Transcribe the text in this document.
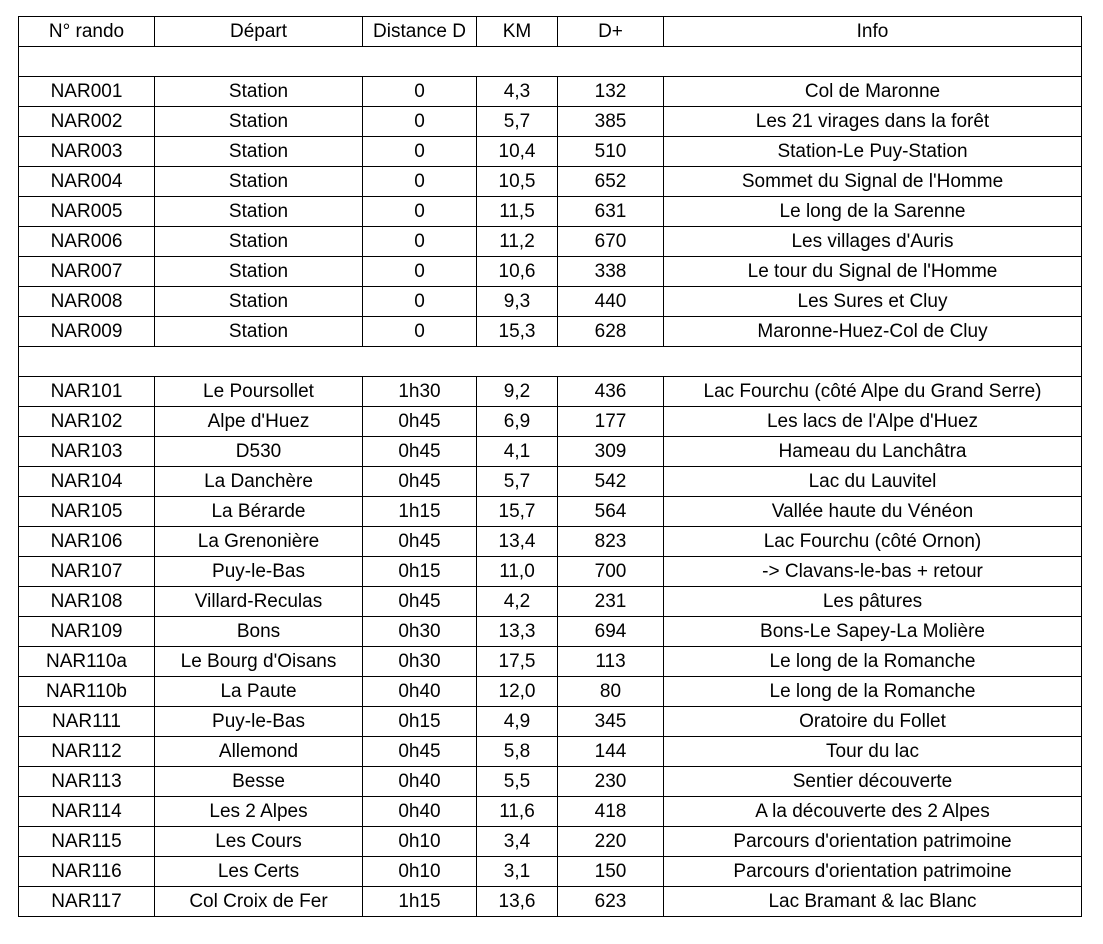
N° rando	Départ	Distance D	KM	D+	Info

NAR001	Station	0	4,3	132	Col de Maronne
NAR002	Station	0	5,7	385	Les 21 virages dans la forêt
NAR003	Station	0	10,4	510	Station-Le Puy-Station
NAR004	Station	0	10,5	652	Sommet du Signal de l'Homme
NAR005	Station	0	11,5	631	Le long de la Sarenne
NAR006	Station	0	11,2	670	Les villages d'Auris
NAR007	Station	0	10,6	338	Le tour du Signal de l'Homme
NAR008	Station	0	9,3	440	Les Sures et Cluy
NAR009	Station	0	15,3	628	Maronne-Huez-Col de Cluy

NAR101	Le Poursollet	1h30	9,2	436	Lac Fourchu (côté Alpe du Grand Serre)
NAR102	Alpe d'Huez	0h45	6,9	177	Les lacs de l'Alpe d'Huez
NAR103	D530	0h45	4,1	309	Hameau du Lanchâtra
NAR104	La Danchère	0h45	5,7	542	Lac du Lauvitel
NAR105	La Bérarde	1h15	15,7	564	Vallée haute du Vénéon
NAR106	La Grenonière	0h45	13,4	823	Lac Fourchu (côté Ornon)
NAR107	Puy-le-Bas	0h15	11,0	700	-> Clavans-le-bas + retour
NAR108	Villard-Reculas	0h45	4,2	231	Les pâtures
NAR109	Bons	0h30	13,3	694	Bons-Le Sapey-La Molière
NAR110a	Le Bourg d'Oisans	0h30	17,5	113	Le long de la Romanche
NAR110b	La Paute	0h40	12,0	80	Le long de la Romanche
NAR111	Puy-le-Bas	0h15	4,9	345	Oratoire du Follet
NAR112	Allemond	0h45	5,8	144	Tour du lac
NAR113	Besse	0h40	5,5	230	Sentier découverte
NAR114	Les 2 Alpes	0h40	11,6	418	A la découverte des 2 Alpes
NAR115	Les Cours	0h10	3,4	220	Parcours d'orientation patrimoine
NAR116	Les Certs	0h10	3,1	150	Parcours d'orientation patrimoine
NAR117	Col Croix de Fer	1h15	13,6	623	Lac Bramant & lac Blanc
